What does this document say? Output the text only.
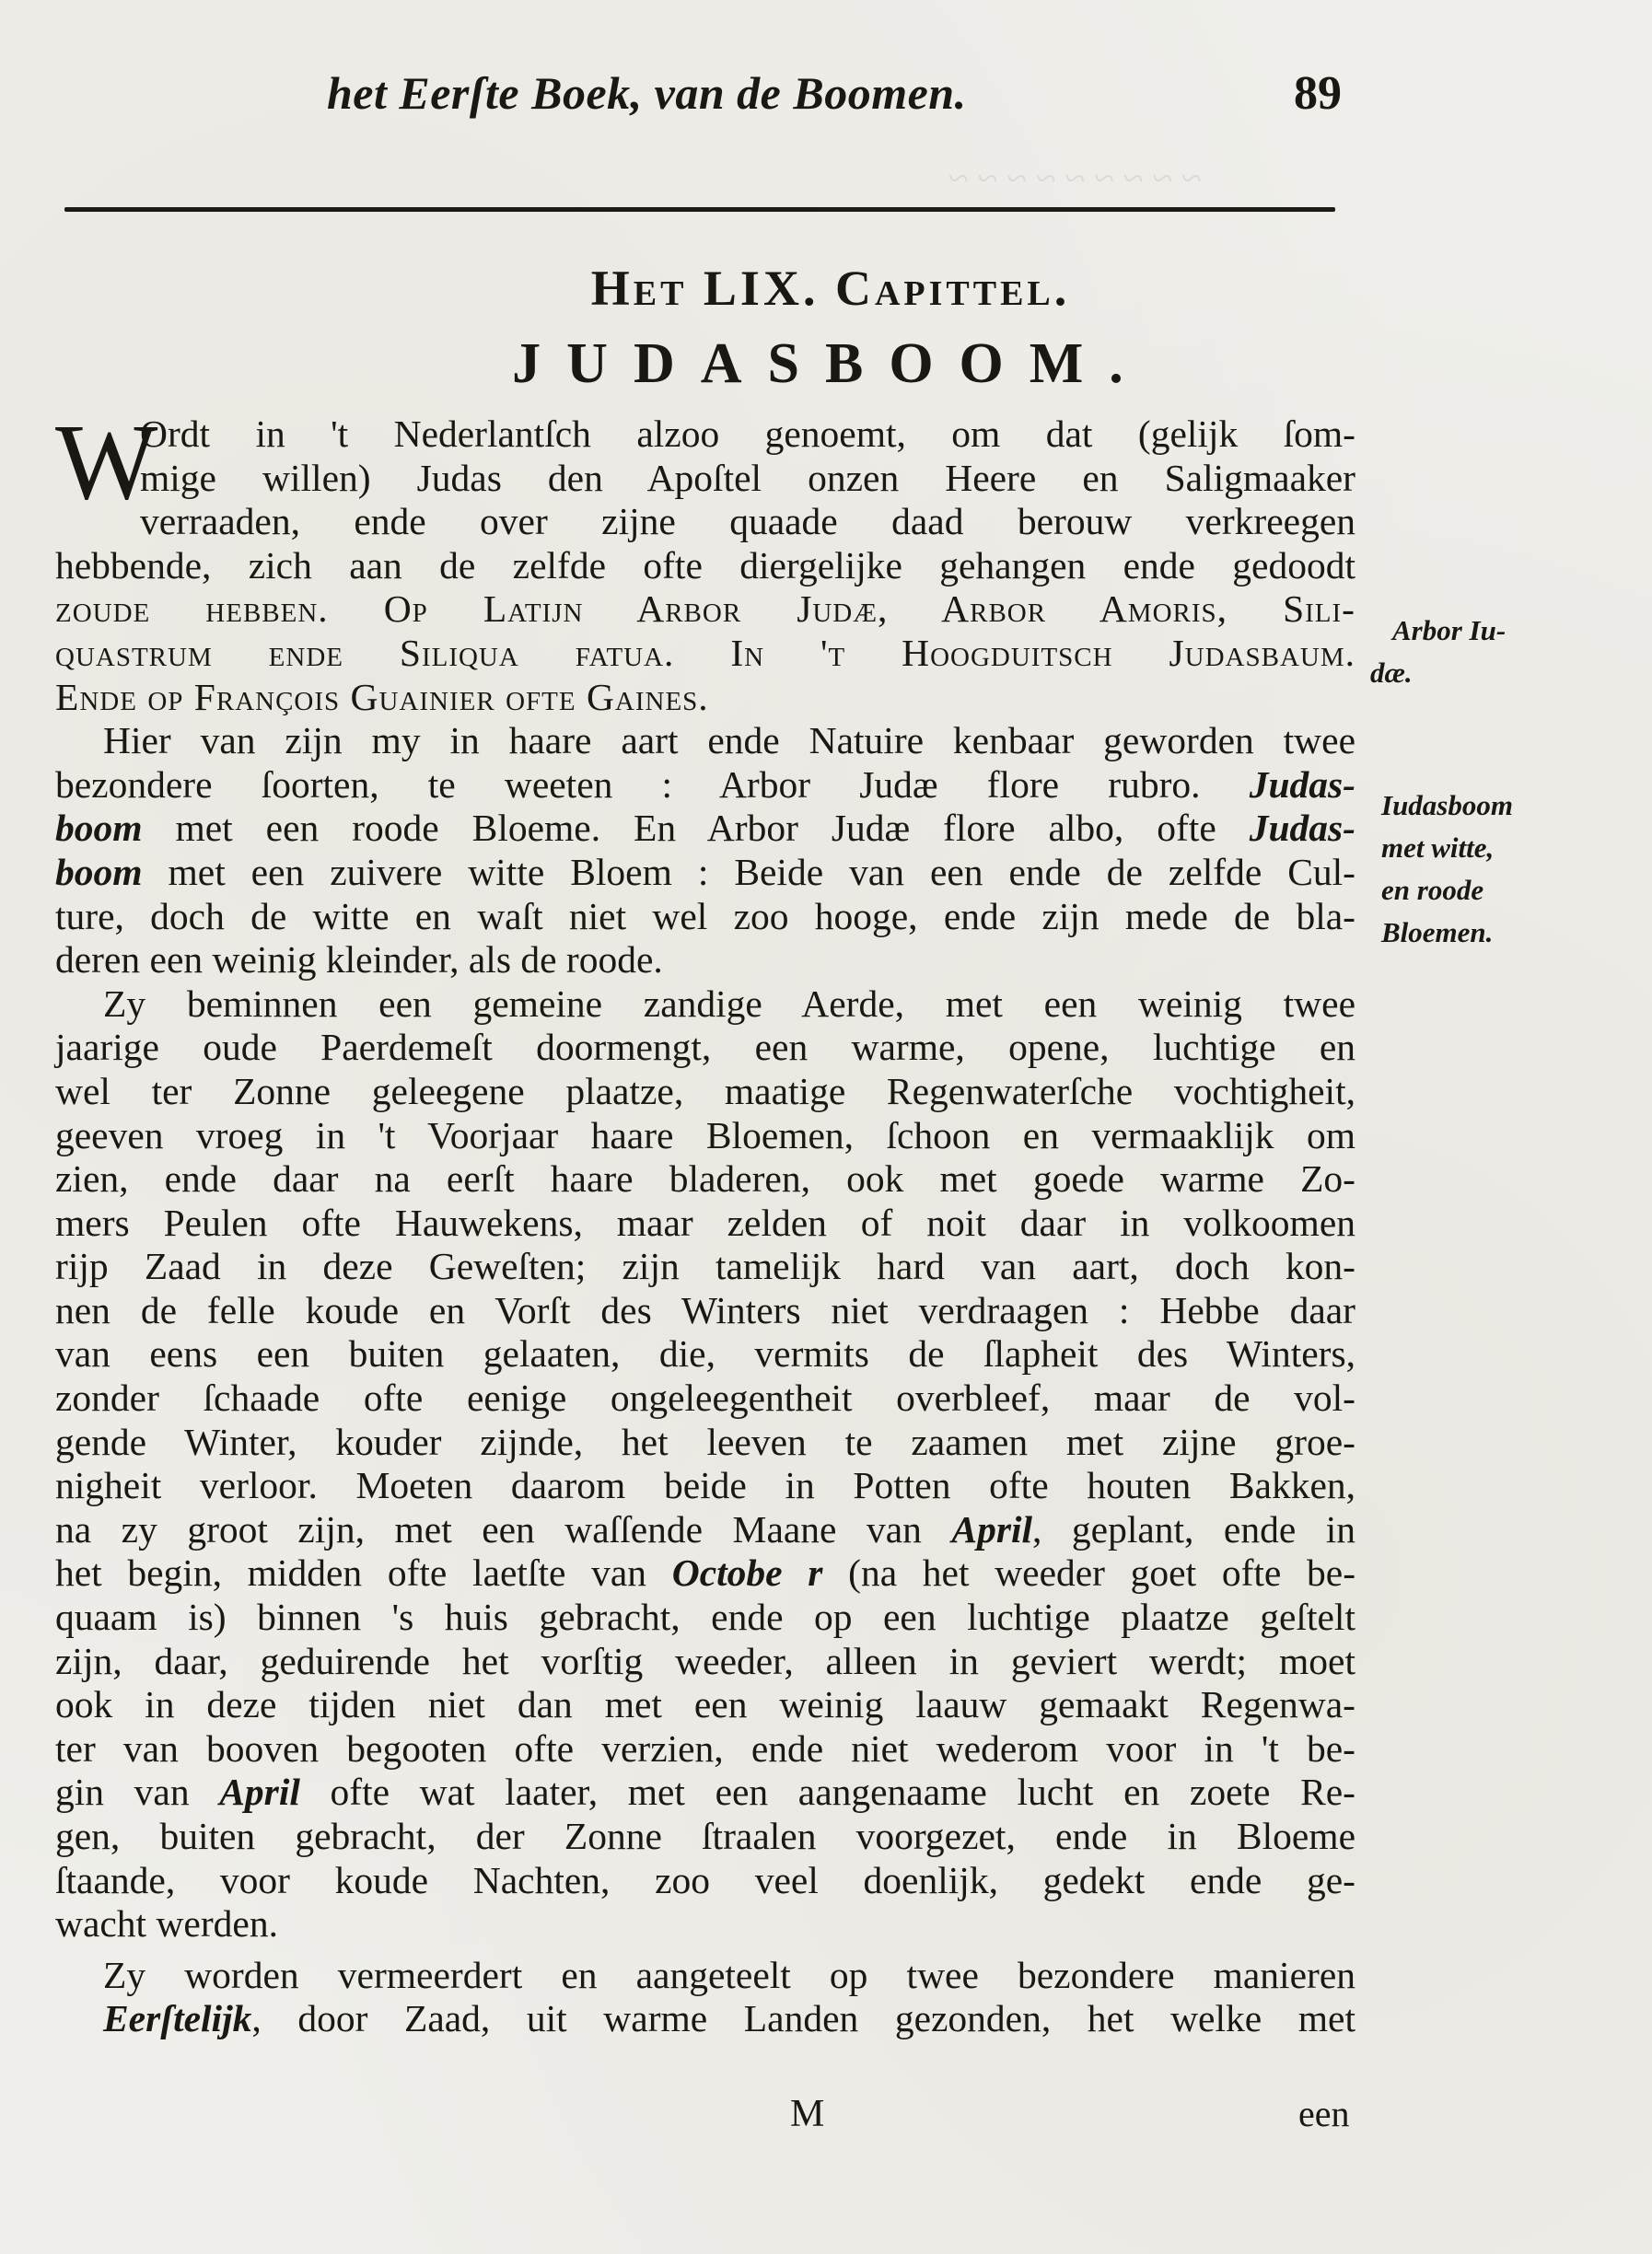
~ ~ ~ ~ ~ ~ ~ ~ ~
het Eerſte Boek, van de Boomen.	89
Het LIX. Capittel.
JUDASBOOM.
W
Ordt in 't Nederlantſch alzoo genoemt, om dat (gelijk ſom-
mige willen) Judas den Apoſtel onzen Heere en Saligmaaker
verraaden, ende over zijne quaade daad berouw verkreegen
hebbende, zich aan de zelfde ofte diergelijke gehangen ende gedoodt
zoude hebben. Op Latijn Arbor Judæ, Arbor Amoris, Sili-
quastrum ende Siliqua fatua. In 't Hoogduitſch Judasbaum.
Ende op François Guainier ofte Gaines.
Hier van zijn my in haare aart ende Natuire kenbaar geworden twee
bezondere ſoorten, te weeten : Arbor Judæ flore rubro. Judas-
boom met een roode Bloeme. En Arbor Judæ flore albo, ofte Judas-
boom met een zuivere witte Bloem : Beide van een ende de zelfde Cul-
ture, doch de witte en waſt niet wel zoo hooge, ende zijn mede de bla-
deren een weinig kleinder, als de roode.
Zy beminnen een gemeine zandige Aerde, met een weinig twee
jaarige oude Paerdemeſt doormengt, een warme, opene, luchtige en
wel ter Zonne geleegene plaatze, maatige Regenwaterſche vochtigheit,
geeven vroeg in 't Voorjaar haare Bloemen, ſchoon en vermaaklijk om
zien, ende daar na eerſt haare bladeren, ook met goede warme Zo-
mers Peulen ofte Hauwekens, maar zelden of noit daar in volkoomen
rijp Zaad in deze Geweſten; zijn tamelijk hard van aart, doch kon-
nen de felle koude en Vorſt des Winters niet verdraagen : Hebbe daar
van eens een buiten gelaaten, die, vermits de ſlapheit des Winters,
zonder ſchaade ofte eenige ongeleegentheit overbleef, maar de vol-
gende Winter, kouder zijnde, het leeven te zaamen met zijne groe-
nigheit verloor. Moeten daarom beide in Potten ofte houten Bakken,
na zy groot zijn, met een waſſende Maane van April, geplant, ende in
het begin, midden ofte laetſte van Octobe r (na het weeder goet ofte be-
quaam is) binnen 's huis gebracht, ende op een luchtige plaatze geſtelt
zijn, daar, geduirende het vorſtig weeder, alleen in geviert werdt; moet
ook in deze tijden niet dan met een weinig laauw gemaakt Regenwa-
ter van booven begooten ofte verzien, ende niet wederom voor in 't be-
gin van April ofte wat laater, met een aangenaame lucht en zoete Re-
gen, buiten gebracht, der Zonne ſtraalen voorgezet, ende in Bloeme
ſtaande, voor koude Nachten, zoo veel doenlijk, gedekt ende ge-
wacht werden.
Zy worden vermeerdert en aangeteelt op twee bezondere manieren
Eerſtelijk, door Zaad, uit warme Landen gezonden, het welke met
Arbor Iu-
dæ.
Iudasboom
met witte,
en roode
Bloemen.
M	een
